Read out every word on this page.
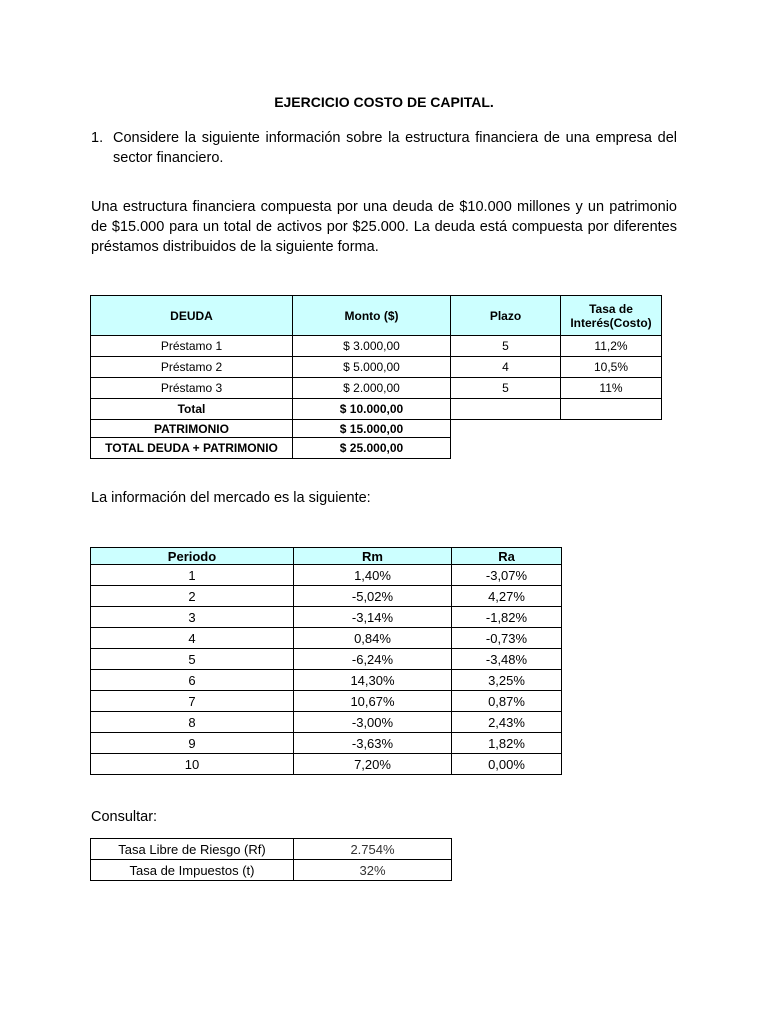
EJERCICIO COSTO DE CAPITAL.
1. Considere la siguiente información sobre la estructura financiera de una empresa del sector financiero.
Una estructura financiera compuesta por una deuda de $10.000 millones y un patrimonio de $15.000 para un total de activos por $25.000. La deuda está compuesta por diferentes préstamos distribuidos de la siguiente forma.
DEUDA	Monto ($)	Plazo	Tasa de Interés(Costo)
Préstamo 1	$ 3.000,00	5	11,2%
Préstamo 2	$ 5.000,00	4	10,5%
Préstamo 3	$ 2.000,00	5	11%
Total	$ 10.000,00		
PATRIMONIO	$ 15.000,00		
TOTAL DEUDA + PATRIMONIO	$ 25.000,00		
La información del mercado es la siguiente:
Periodo	Rm	Ra
1	1,40%	-3,07%
2	-5,02%	4,27%
3	-3,14%	-1,82%
4	0,84%	-0,73%
5	-6,24%	-3,48%
6	14,30%	3,25%
7	10,67%	0,87%
8	-3,00%	2,43%
9	-3,63%	1,82%
10	7,20%	0,00%
Consultar:
Tasa Libre de Riesgo (Rf)	2.754%
Tasa de Impuestos (t)	32%
